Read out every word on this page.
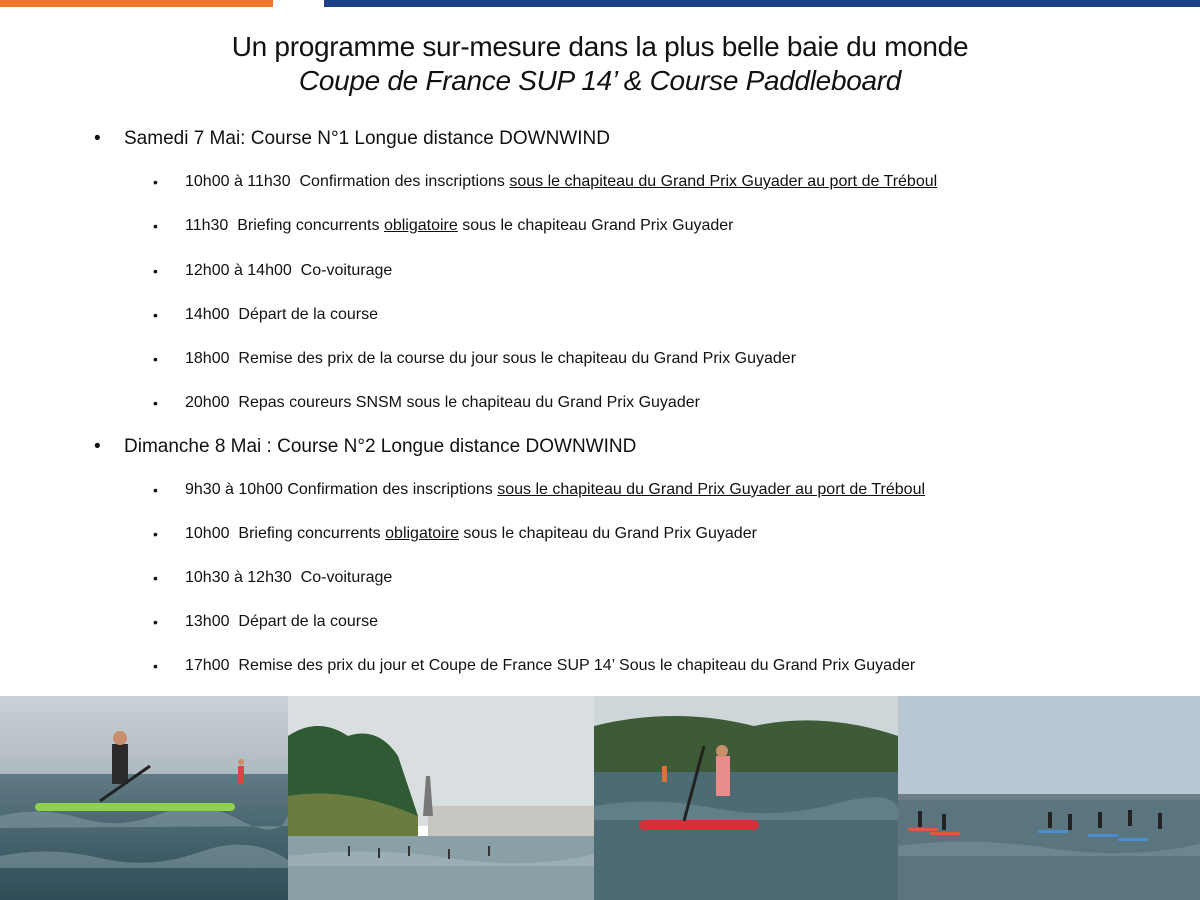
Un programme sur-mesure dans la plus belle baie du monde
Coupe de France SUP 14’ & Course Paddleboard
• Samedi 7 Mai: Course N°1 Longue distance DOWNWIND
• 10h00 à 11h30 Confirmation des inscriptions sous le chapiteau du Grand Prix Guyader au port de Tréboul
• 11h30 Briefing concurrents obligatoire sous le chapiteau Grand Prix Guyader
• 12h00 à 14h00 Co-voiturage
• 14h00 Départ de la course
• 18h00 Remise des prix de la course du jour sous le chapiteau du Grand Prix Guyader
• 20h00 Repas coureurs SNSM sous le chapiteau du Grand Prix Guyader
• Dimanche 8 Mai : Course N°2 Longue distance DOWNWIND
• 9h30 à 10h00 Confirmation des inscriptions sous le chapiteau du Grand Prix Guyader au port de Tréboul
• 10h00 Briefing concurrents obligatoire sous le chapiteau du Grand Prix Guyader
• 10h30 à 12h30 Co-voiturage
• 13h00 Départ de la course
• 17h00 Remise des prix du jour et Coupe de France SUP 14’ Sous le chapiteau du Grand Prix Guyader
